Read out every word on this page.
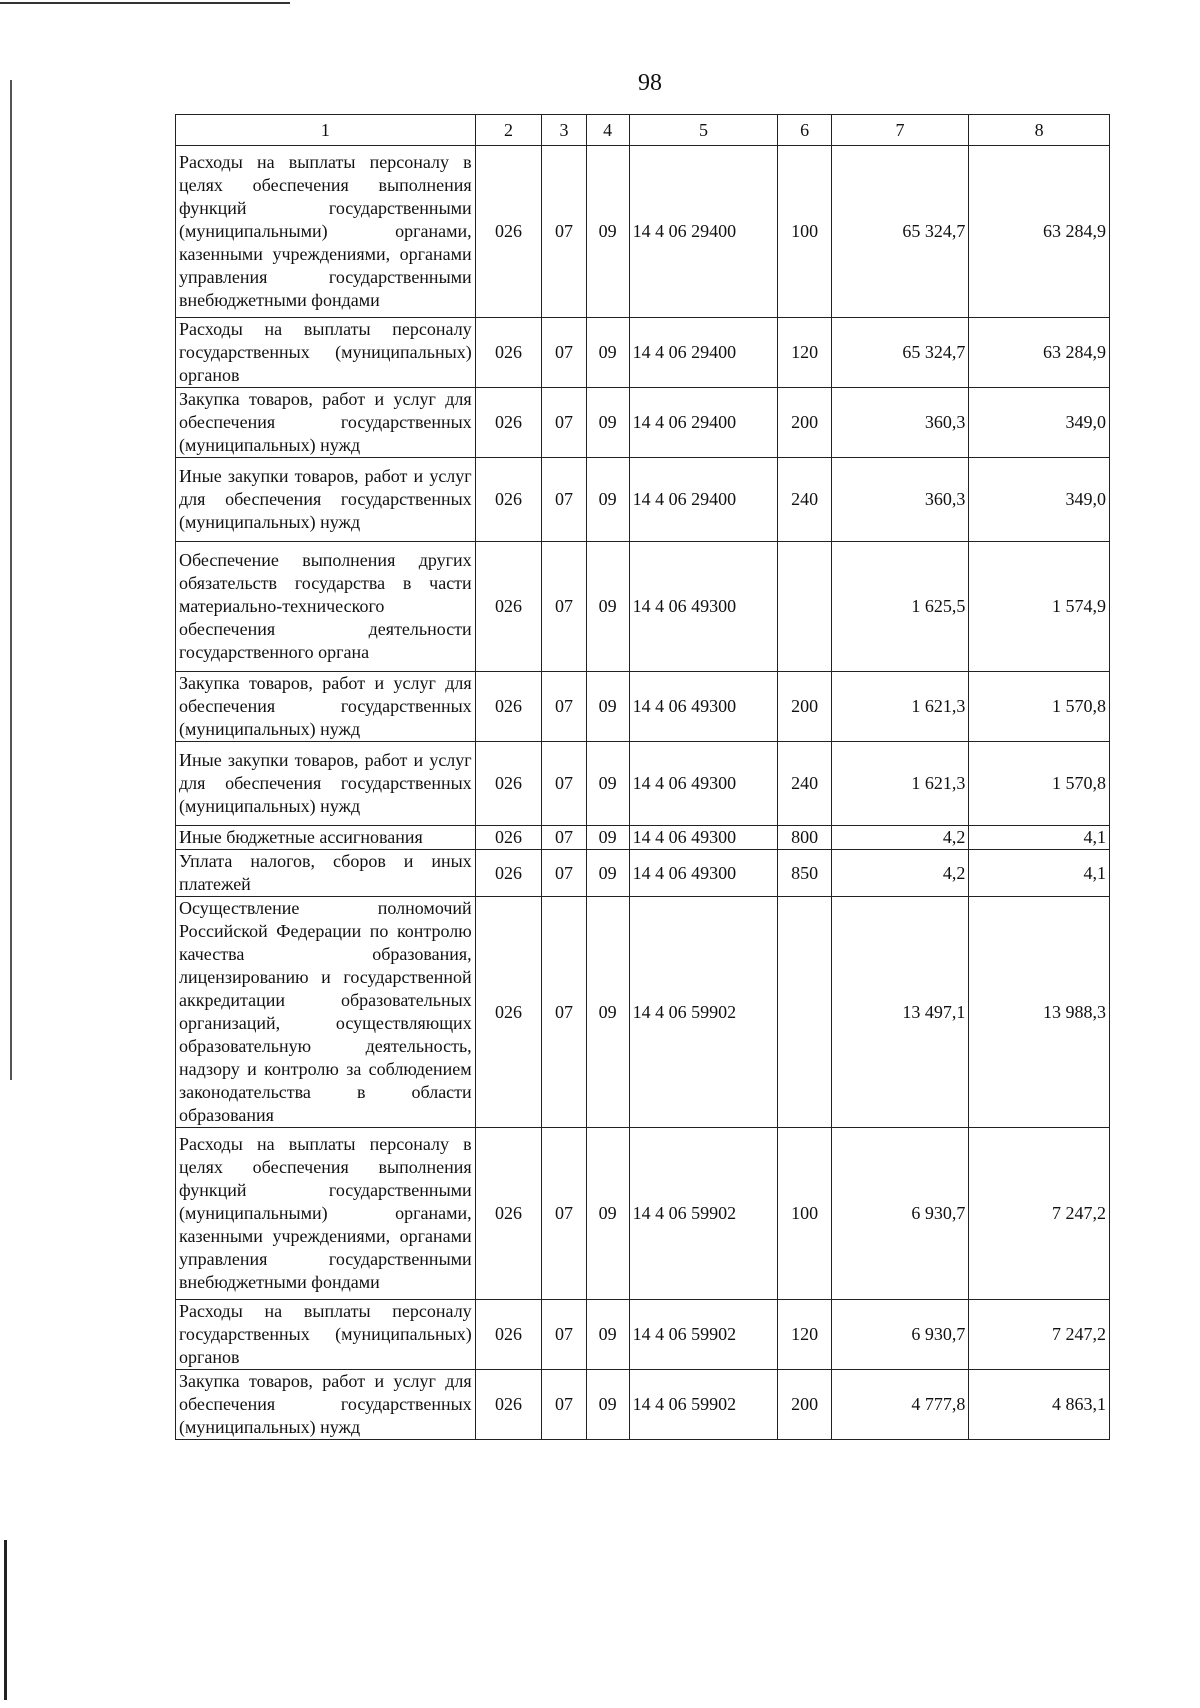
98
1	2	3	4	5	6	7	8
Расходы на выплаты персоналу в целях обеспечения выполнения функций государственными (муниципальными) органами, казенными учреждениями, органами управления государственными внебюджетными фондами	026	07	09	14 4 06 29400	100	65 324,7	63 284,9
Расходы на выплаты персоналу государственных (муниципальных) органов	026	07	09	14 4 06 29400	120	65 324,7	63 284,9
Закупка товаров, работ и услуг для обеспечения государственных (муниципальных) нужд	026	07	09	14 4 06 29400	200	360,3	349,0
Иные закупки товаров, работ и услуг для обеспечения государственных (муниципальных) нужд	026	07	09	14 4 06 29400	240	360,3	349,0
Обеспечение выполнения других обязательств государства в части материально-технического обеспечения деятельности государственного органа	026	07	09	14 4 06 49300		1 625,5	1 574,9
Закупка товаров, работ и услуг для обеспечения государственных (муниципальных) нужд	026	07	09	14 4 06 49300	200	1 621,3	1 570,8
Иные закупки товаров, работ и услуг для обеспечения государственных (муниципальных) нужд	026	07	09	14 4 06 49300	240	1 621,3	1 570,8
Иные бюджетные ассигнования	026	07	09	14 4 06 49300	800	4,2	4,1
Уплата налогов, сборов и иных платежей	026	07	09	14 4 06 49300	850	4,2	4,1
Осуществление полномочий Российской Федерации по контролю качества образования, лицензированию и государственной аккредитации образовательных организаций, осуществляющих образовательную деятельность, надзору и контролю за соблюдением законодательства в области образования	026	07	09	14 4 06 59902		13 497,1	13 988,3
Расходы на выплаты персоналу в целях обеспечения выполнения функций государственными (муниципальными) органами, казенными учреждениями, органами управления государственными внебюджетными фондами	026	07	09	14 4 06 59902	100	6 930,7	7 247,2
Расходы на выплаты персоналу государственных (муниципальных) органов	026	07	09	14 4 06 59902	120	6 930,7	7 247,2
Закупка товаров, работ и услуг для обеспечения государственных (муниципальных) нужд	026	07	09	14 4 06 59902	200	4 777,8	4 863,1
